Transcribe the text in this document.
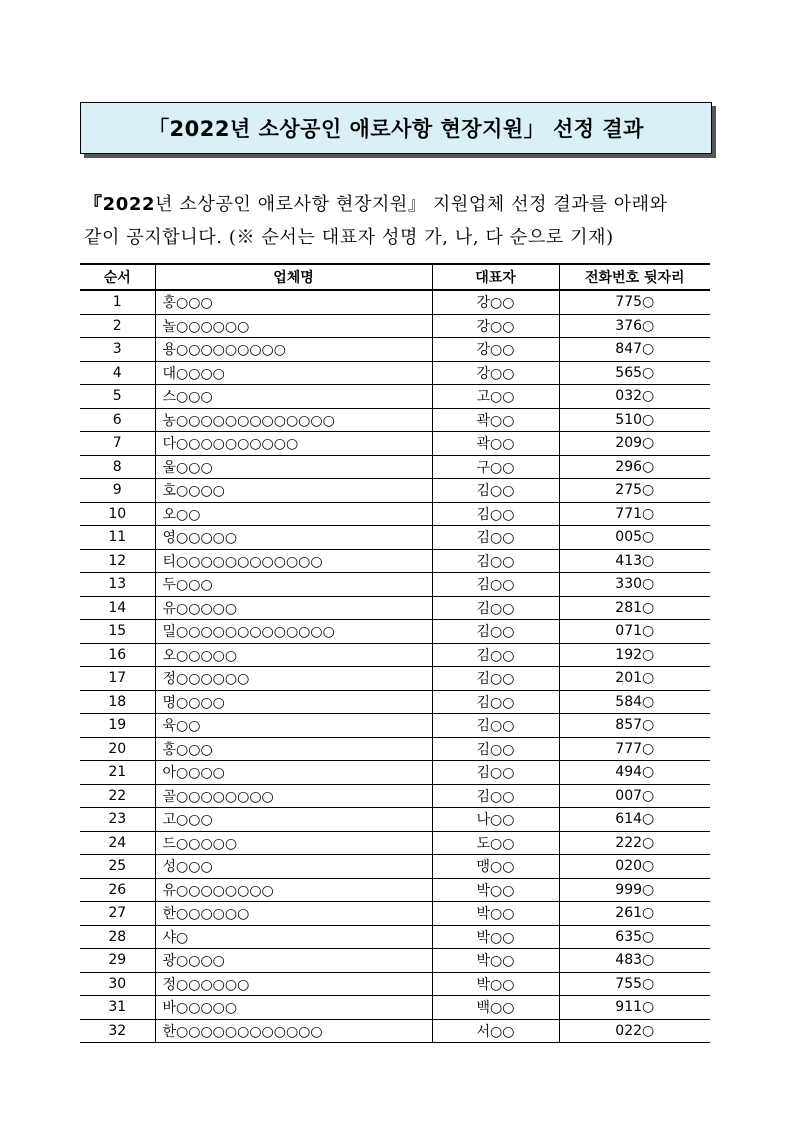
「2022년 소상공인 애로사항 현장지원」 선정 결과
『2022년 소상공인 애로사항 현장지원』 지원업체 선정 결과를 아래와
같이 공지합니다. (※ 순서는 대표자 성명 가, 나, 다 순으로 기재)
순서	업체명	대표자	전화번호 뒷자리
1	홍○○○	강○○	775○
2	놀○○○○○○	강○○	376○
3	용○○○○○○○○○	강○○	847○
4	대○○○○	강○○	565○
5	스○○○	고○○	032○
6	농○○○○○○○○○○○○○	곽○○	510○
7	다○○○○○○○○○○	곽○○	209○
8	울○○○	구○○	296○
9	호○○○○	김○○	275○
10	오○○	김○○	771○
11	영○○○○○	김○○	005○
12	티○○○○○○○○○○○○	김○○	413○
13	두○○○	김○○	330○
14	유○○○○○	김○○	281○
15	밀○○○○○○○○○○○○○	김○○	071○
16	오○○○○○	김○○	192○
17	정○○○○○○	김○○	201○
18	명○○○○	김○○	584○
19	육○○	김○○	857○
20	홍○○○	김○○	777○
21	아○○○○	김○○	494○
22	골○○○○○○○○	김○○	007○
23	고○○○	나○○	614○
24	드○○○○○	도○○	222○
25	성○○○	맹○○	020○
26	유○○○○○○○○	박○○	999○
27	한○○○○○○	박○○	261○
28	샤○	박○○	635○
29	광○○○○	박○○	483○
30	정○○○○○○	박○○	755○
31	바○○○○○	백○○	911○
32	한○○○○○○○○○○○○	서○○	022○
